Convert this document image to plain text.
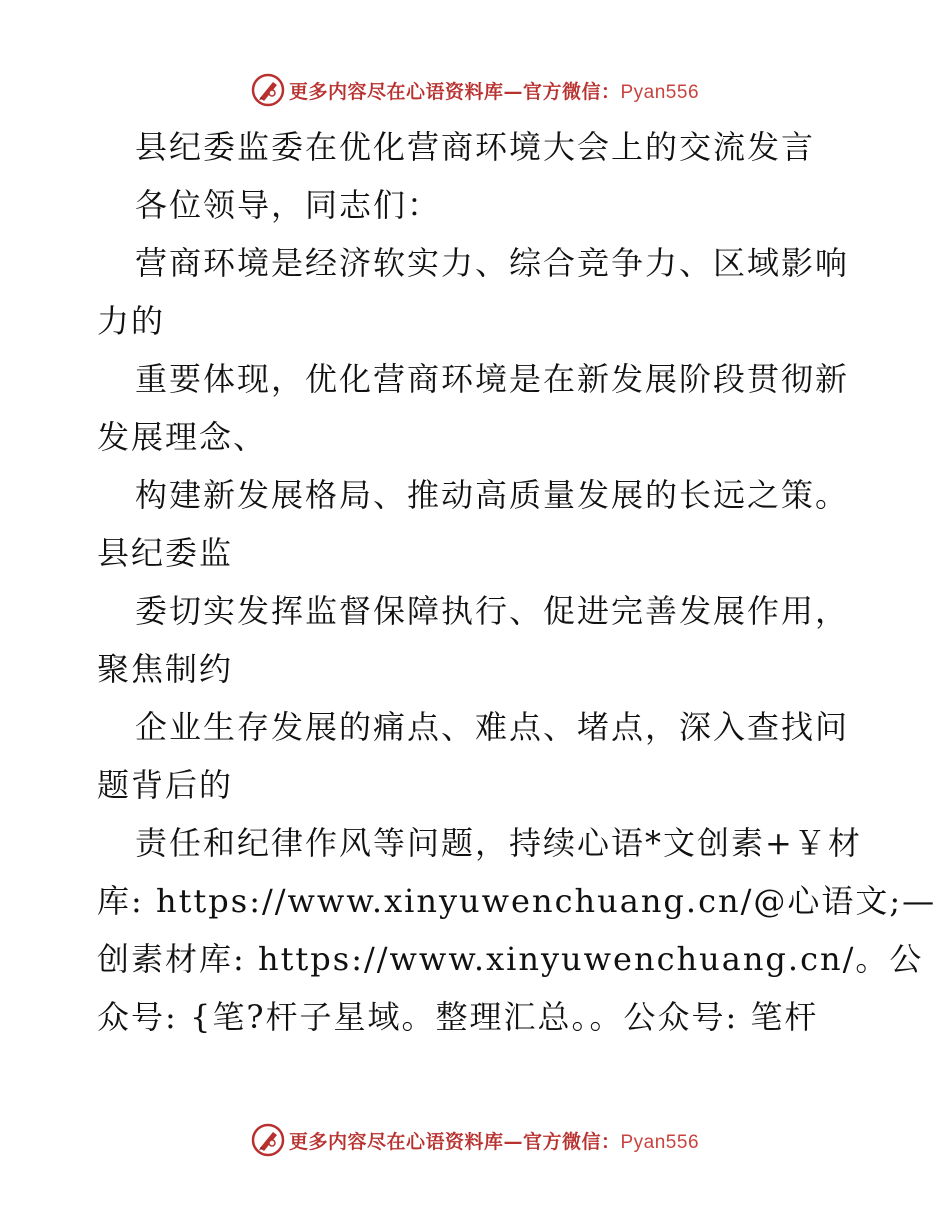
更多内容尽在心语资料库—官方微信：Pyan556

县纪委监委在优化营商环境大会上的交流发言

各位领导，同志们：

营商环境是经济软实力、综合竞争力、区域影响

力的

重要体现，优化营商环境是在新发展阶段贯彻新

发展理念、

构建新发展格局、推动高质量发展的长远之策。

县纪委监

委切实发挥监督保障执行、促进完善发展作用，

聚焦制约

企业生存发展的痛点、难点、堵点，深入查找问

题背后的

责任和纪律作风等问题，持续心语*文创素+￥材

库: https://www.xinyuwenchuang.cn/@心语文;—

创素材库: https://www.xinyuwenchuang.cn/。公

众号: {笔?杆子星域。整理汇总。。公众号: 笔杆

更多内容尽在心语资料库—官方微信：Pyan556
